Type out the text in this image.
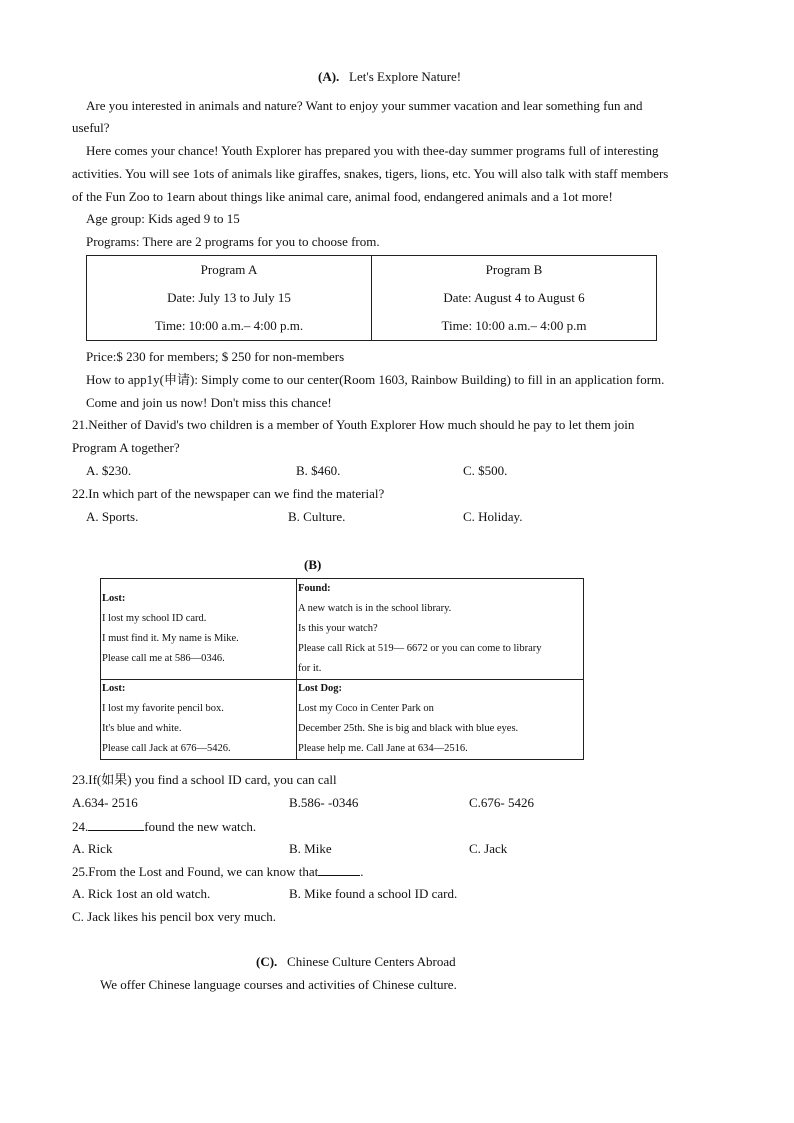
(A). Let's Explore Nature!
Are you interested in animals and nature? Want to enjoy your summer vacation and lear something fun and
useful?
Here comes your chance! Youth Explorer has prepared you with thee-day summer programs full of interesting
activities. You will see 1ots of animals like giraffes, snakes, tigers, lions, etc. You will also talk with staff members
of the Fun Zoo to 1earn about things like animal care, animal food, endangered animals and a 1ot more!
Age group: Kids aged 9 to 15
Programs: There are 2 programs for you to choose from.
Program A
Date: July 13 to July 15
Time: 10:00 a.m.– 4:00 p.m.
Program B
Date: August 4 to August 6
Time: 10:00 a.m.– 4:00 p.m
Price:$ 230 for members; $ 250 for non-members
How to app1y(申请): Simply come to our center(Room 1603, Rainbow Building) to fill in an application form.
Come and join us now! Don't miss this chance!
21.Neither of David's two children is a member of Youth Explorer How much should he pay to let them join
Program A together?
A. $230.	B. $460.	C. $500.
22.In which part of the newspaper can we find the material?
A. Sports.	B. Culture.	C. Holiday.
(B)
Lost:
I lost my school ID card.
I must find it. My name is Mike.
Please call me at 586—0346.
Found:
A new watch is in the school library.
Is this your watch?
Please call Rick at 519— 6672 or you can come to library
for it.
Lost:
I lost my favorite pencil box.
It's blue and white.
Please call Jack at 676—5426.
Lost Dog:
Lost my Coco in Center Park on
December 25th. She is big and black with blue eyes.
Please help me. Call Jane at 634—2516.
23.If(如果) you find a school ID card, you can call
A.634- 2516	B.586- -0346	C.676- 5426
24.	found the new watch.
A. Rick	B. Mike	C. Jack
25.From the Lost and Found, we can know that	.
A. Rick 1ost an old watch.	B. Mike found a school ID card.
C. Jack likes his pencil box very much.
(C). Chinese Culture Centers Abroad
We offer Chinese language courses and activities of Chinese culture.
